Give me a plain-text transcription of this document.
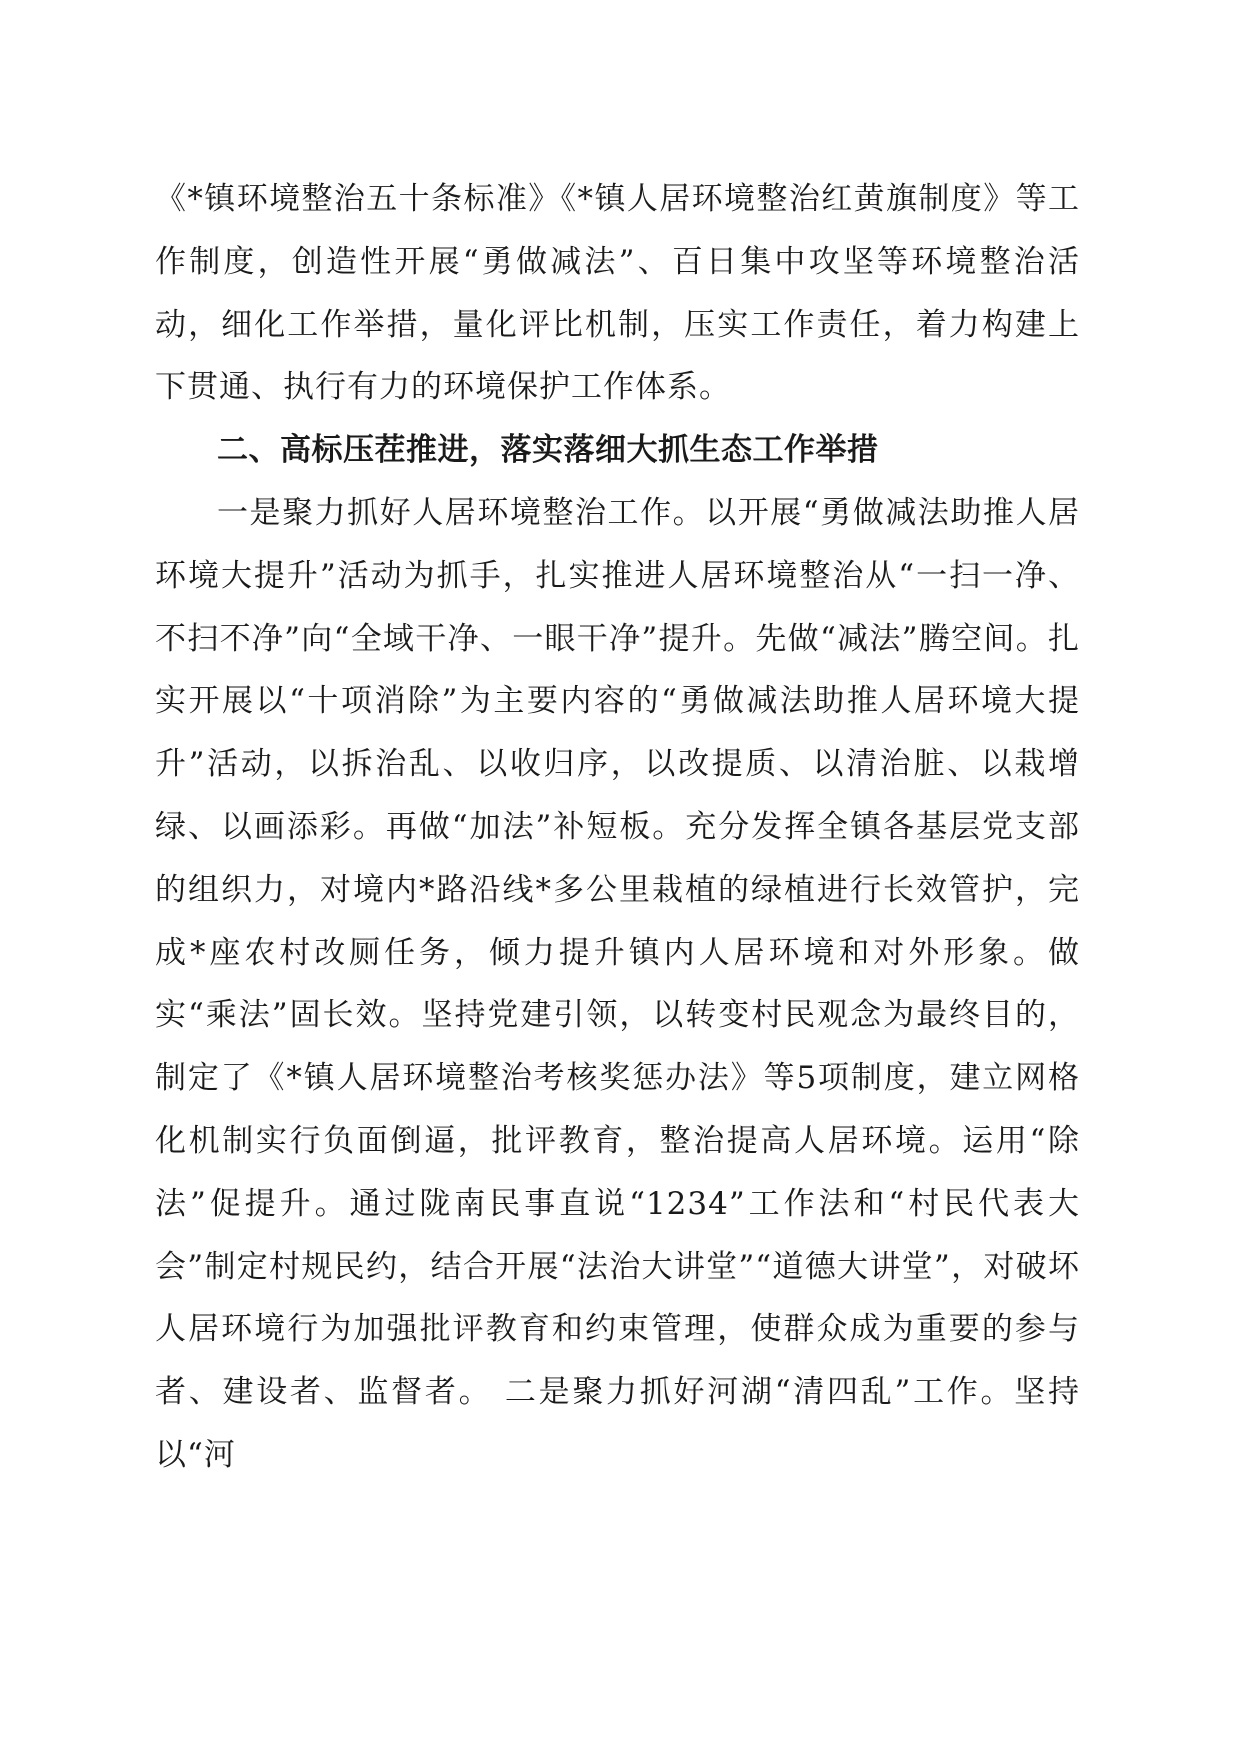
《*镇环境整治五十条标准》《*镇人居环境整治红黄旗制度》等工作制度，创造性开展“勇做减法”、百日集中攻坚等环境整治活动，细化工作举措，量化评比机制，压实工作责任，着力构建上下贯通、执行有力的环境保护工作体系。

二、高标压茬推进，落实落细大抓生态工作举措

一是聚力抓好人居环境整治工作。以开展“勇做减法助推人居环境大提升”活动为抓手，扎实推进人居环境整治从“一扫一净、不扫不净”向“全域干净、一眼干净”提升。先做“减法”腾空间。扎实开展以“十项消除”为主要内容的“勇做减法助推人居环境大提升”活动，以拆治乱、以收归序，以改提质、以清治脏、以栽增绿、以画添彩。再做“加法”补短板。充分发挥全镇各基层党支部的组织力，对境内*路沿线*多公里栽植的绿植进行长效管护，完成*座农村改厕任务，倾力提升镇内人居环境和对外形象。做实“乘法”固长效。坚持党建引领，以转变村民观念为最终目的，制定了《*镇人居环境整治考核奖惩办法》等5项制度，建立网格化机制实行负面倒逼，批评教育，整治提高人居环境。运用“除法”促提升。通过陇南民事直说“1234”工作法和“村民代表大会”制定村规民约，结合开展“法治大讲堂”“道德大讲堂”，对破坏人居环境行为加强批评教育和约束管理，使群众成为重要的参与者、建设者、监督者。 二是聚力抓好河湖“清四乱”工作。坚持以“河
